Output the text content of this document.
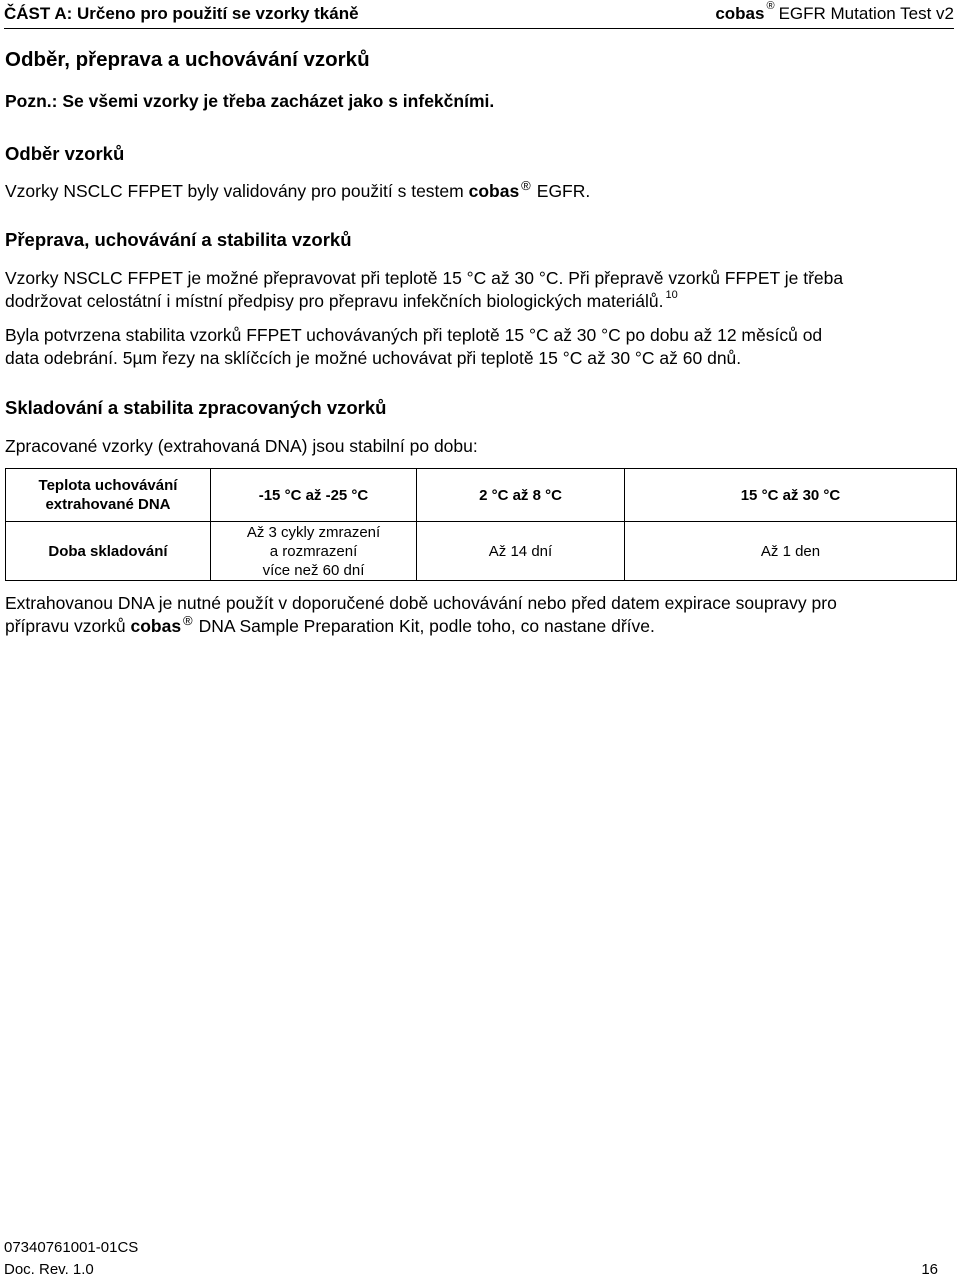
ČÁST A: Určeno pro použití se vzorky tkáně	cobas ® EGFR Mutation Test v2
Odběr, přeprava a uchovávání vzorků
Pozn.: Se všemi vzorky je třeba zacházet jako s infekčními.
Odběr vzorků
Vzorky NSCLC FFPET byly validovány pro použití s testem cobas ® EGFR.
Přeprava, uchovávání a stabilita vzorků
Vzorky NSCLC FFPET je možné přepravovat při teplotě 15 °C až 30 °C. Při přepravě vzorků FFPET je třeba
dodržovat celostátní i místní předpisy pro přepravu infekčních biologických materiálů. $^{10}$
Byla potvrzena stabilita vzorků FFPET uchovávaných při teplotě 15 °C až 30 °C po dobu až 12 měsíců od
data odebrání. 5µm řezy na sklíčcích je možné uchovávat při teplotě 15 °C až 30 °C až 60 dnů.
Skladování a stabilita zpracovaných vzorků
Zpracované vzorky (extrahovaná DNA) jsou stabilní po dobu:
Teplota uchovávání
extrahované DNA	-15 °C až -25 °C	2 °C až 8 °C	15 °C až 30 °C
Doba skladování	Až 3 cykly zmrazení
a rozmrazení
více než 60 dní	Až 14 dní	Až 1 den
Extrahovanou DNA je nutné použít v doporučené době uchovávání nebo před datem expirace soupravy pro
přípravu vzorků cobas ® DNA Sample Preparation Kit, podle toho, co nastane dříve.
07340761001-01CS
Doc. Rev. 1.0	16
